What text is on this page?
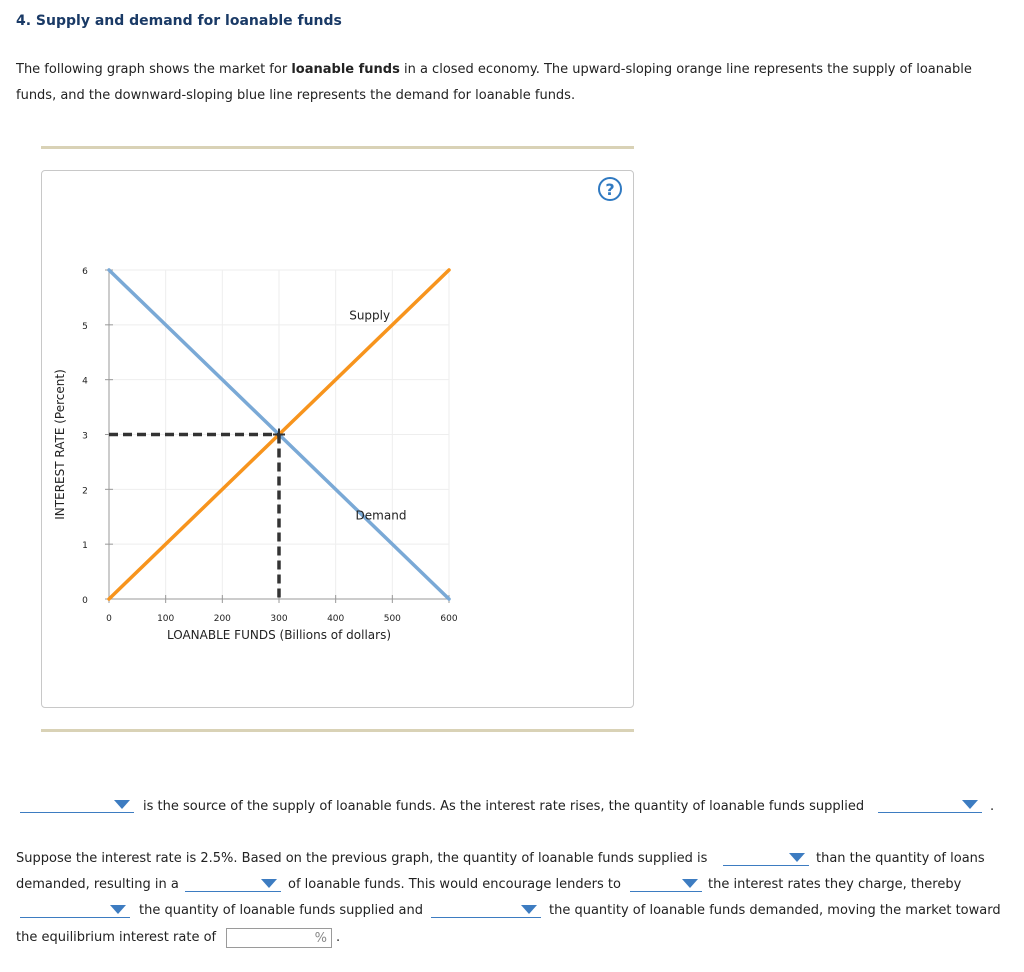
4. Supply and demand for loanable funds
The following graph shows the market for loanable funds in a closed economy. The upward-sloping orange line represents the supply of loanable funds, and the downward-sloping blue line represents the demand for loanable funds.
?
0
1
2
3
4
5
6
0	100	200	300	400	500	600
LOANABLE FUNDS (Billions of dollars)
INTEREST RATE (Percent)
Supply
Demand
is the source of the supply of loanable funds. As the interest rate rises, the quantity of loanable funds supplied	.
Suppose the interest rate is 2.5%. Based on the previous graph, the quantity of loanable funds supplied is	than the quantity of loans
demanded, resulting in a	of loanable funds. This would encourage lenders to	the interest rates they charge, thereby
the quantity of loanable funds supplied and	the quantity of loanable funds demanded, moving the market toward
the equilibrium interest rate of	% .
